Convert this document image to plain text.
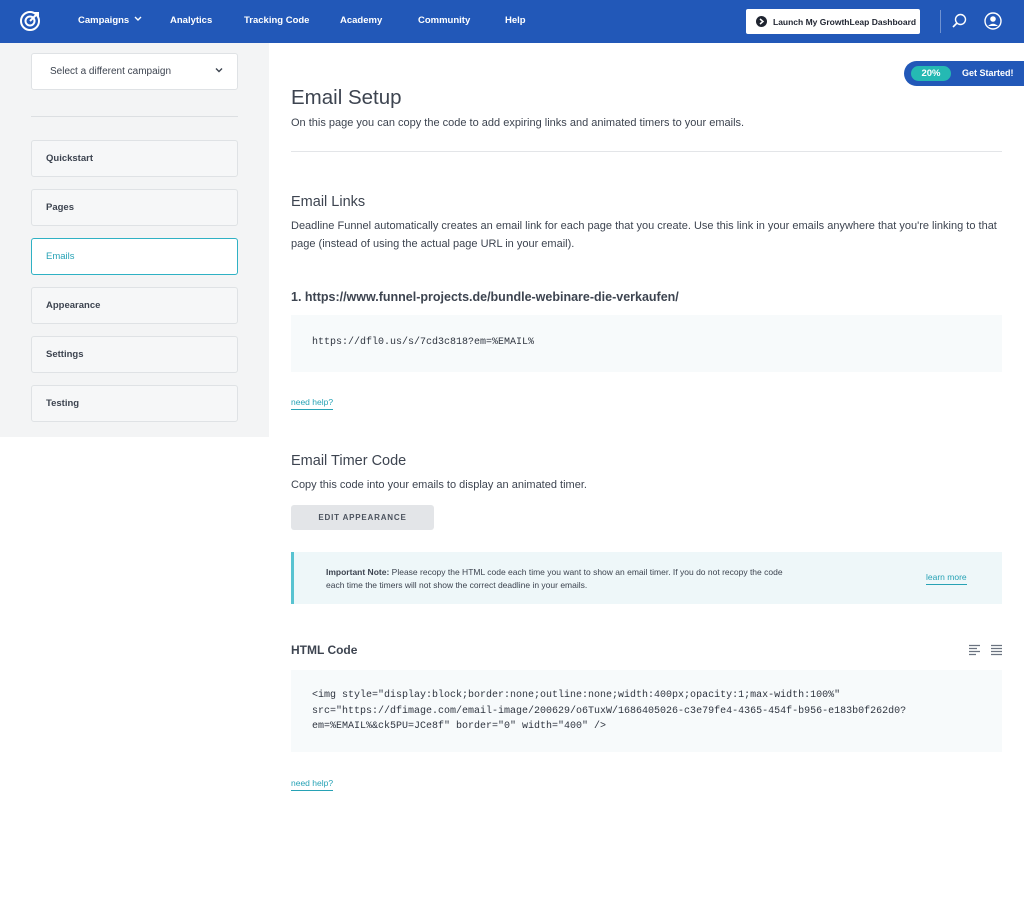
Campaigns	Analytics	Tracking Code	Academy	Community	Help	Launch My GrowthLeap Dashboard
Select a different campaign
Quickstart
Pages
Emails
Appearance
Settings
Testing
20%	Get Started!
Email Setup
On this page you can copy the code to add expiring links and animated timers to your emails.
Email Links
Deadline Funnel automatically creates an email link for each page that you create. Use this link in your emails anywhere that you're linking to that page (instead of using the actual page URL in your email).
1. https://www.funnel-projects.de/bundle-webinare-die-verkaufen/
https://dfl0.us/s/7cd3c818?em=%EMAIL%
need help?
Email Timer Code
Copy this code into your emails to display an animated timer.
EDIT APPEARANCE
Important Note: Please recopy the HTML code each time you want to show an email timer. If you do not recopy the code each time the timers will not show the correct deadline in your emails.
learn more
HTML Code
<img style="display:block;border:none;outline:none;width:400px;opacity:1;max-width:100%"
src="https://dfimage.com/email-image/200629/o6TuxW/1686405026-c3e79fe4-4365-454f-b956-e183b0f262d0?
em=%EMAIL%&ck5PU=JCe8f" border="0" width="400" />
need help?
